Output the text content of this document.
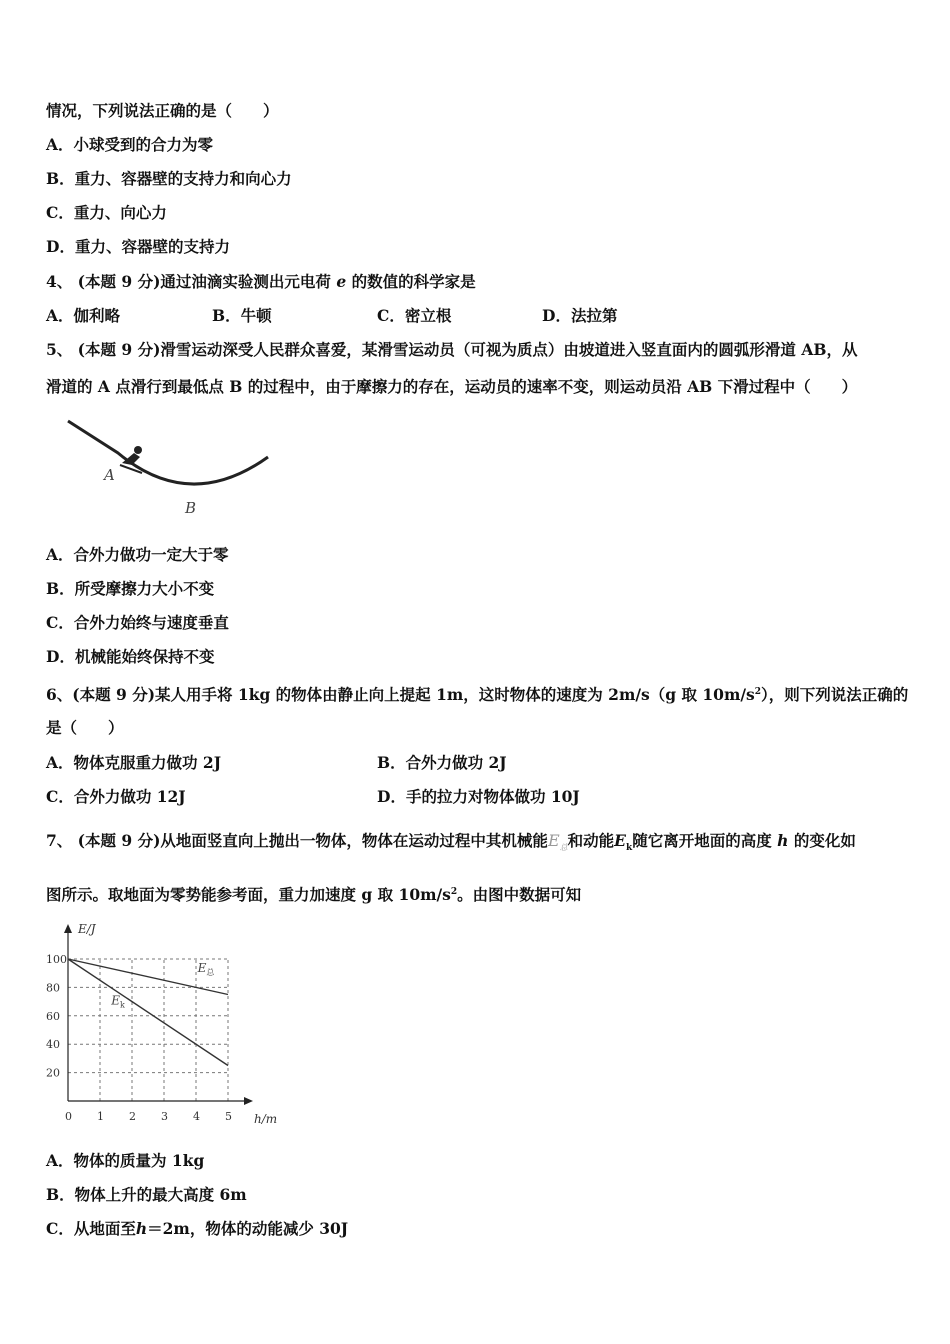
情况，下列说法正确的是（　　）
A．小球受到的合力为零
B．重力、容器壁的支持力和向心力
C．重力、向心力
D．重力、容器壁的支持力
4、 (本题 9 分)通过油滴实验测出元电荷 e 的数值的科学家是
A．伽利略	B．牛顿	C．密立根	D．法拉第
5、 (本题 9 分)滑雪运动深受人民群众喜爱，某滑雪运动员（可视为质点）由坡道进入竖直面内的圆弧形滑道 AB，从
滑道的 A 点滑行到最低点 B 的过程中，由于摩擦力的存在，运动员的速率不变，则运动员沿 AB 下滑过程中（　　）
A
B
A．合外力做功一定大于零
B．所受摩擦力大小不变
C．合外力始终与速度垂直
D．机械能始终保持不变
6、(本题 9 分)某人用手将 1kg 的物体由静止向上提起 1m，这时物体的速度为 2m/s（g 取 $10m/s^2$），则下列说法正确的
是（　　）
A．物体克服重力做功 2J	B．合外力做功 2J
C．合外力做功 12J	D．手的拉力对物体做功 10J
7、 (本题 9 分)从地面竖直向上抛出一物体，物体在运动过程中其机械能$E_总$和动能$E_k$随它离开地面的高度 h 的变化如
图所示。取地面为零势能参考面，重力加速度 g 取 $10m/s^2$。由图中数据可知
E/J
h/m
0 1 2 3 4 5
20
40
60
80
100
$E_总$
$E_k$
A．物体的质量为 1kg
B．物体上升的最大高度 6m
C．从地面至h＝2m，物体的动能减少 30J
